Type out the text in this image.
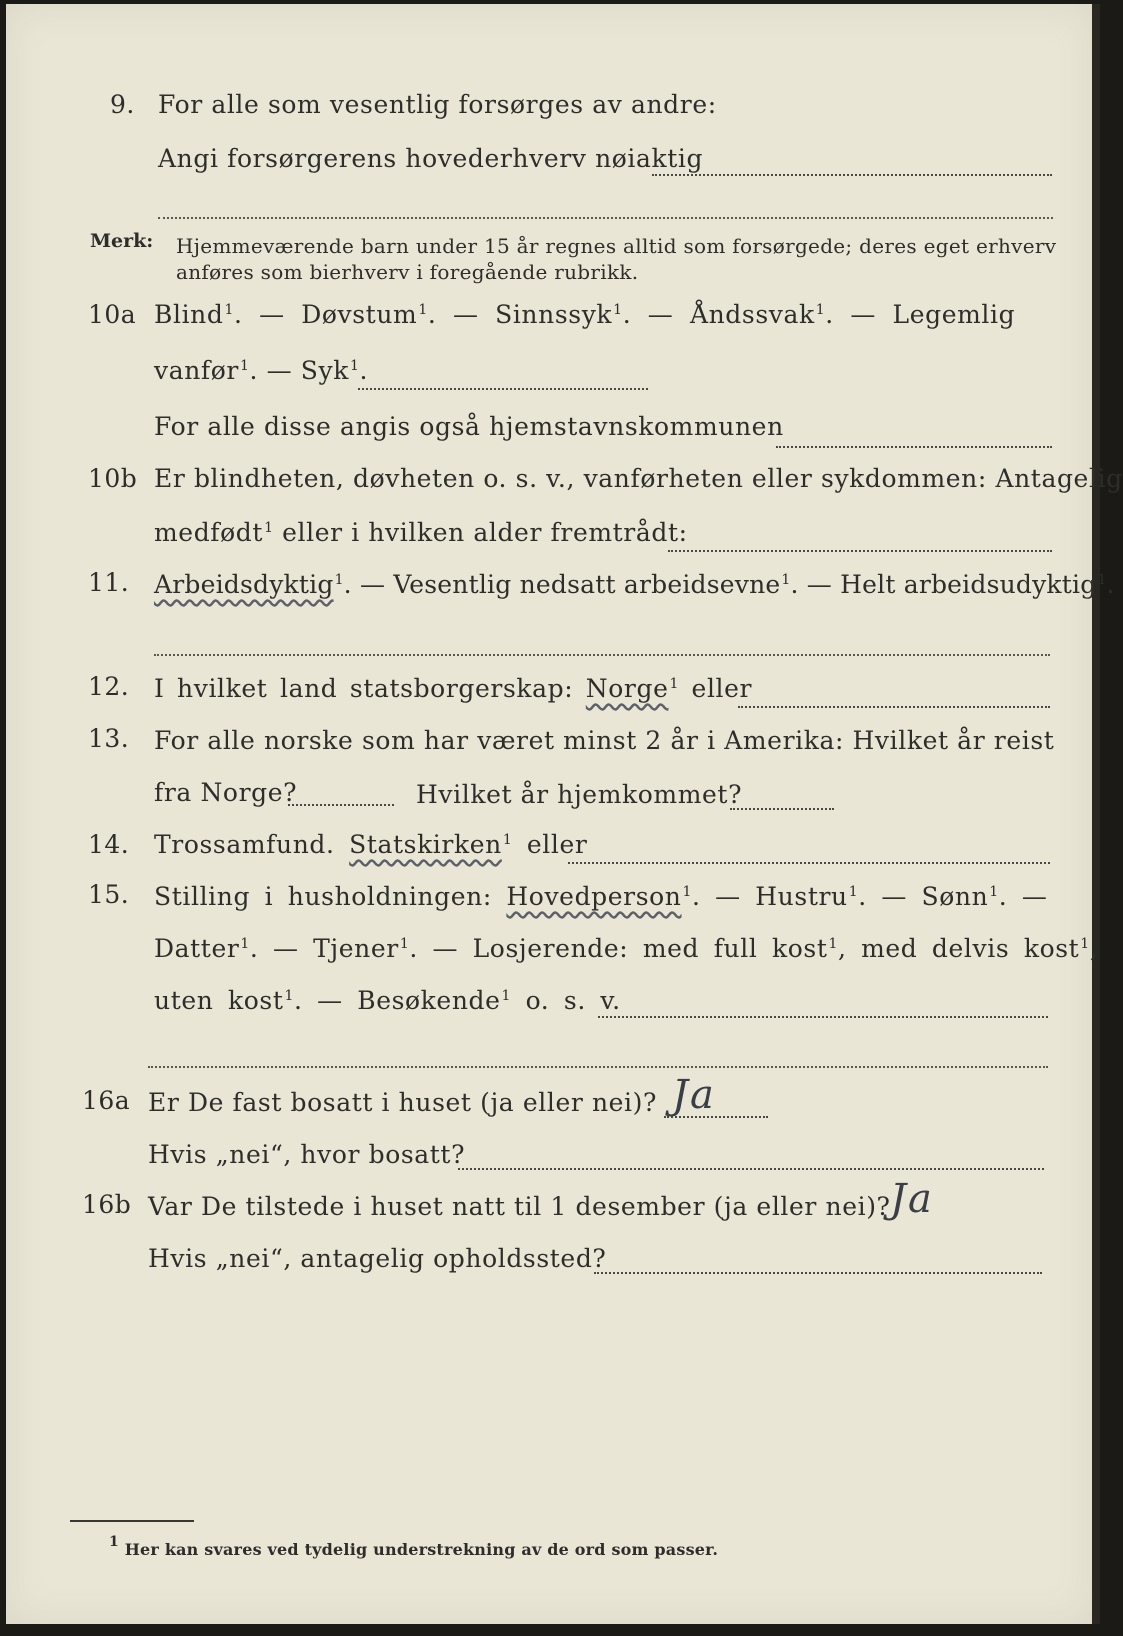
9. For alle som vesentlig forsørges av andre:
Angi forsørgerens hovederhverv nøiaktig
Merk: Hjemmeværende barn under 15 år regnes alltid som forsørgede; deres eget erhverv
anføres som bierhverv i foregående rubrikk.
10a Blind$^1$. — Døvstum$^1$. — Sinnssyk$^1$. — Åndssvak$^1$. — Legemlig
vanfør$^1$. — Syk$^1$.
For alle disse angis også hjemstavnskommunen
10b Er blindheten, døvheten o. s. v., vanførheten eller sykdommen: Antagelig
medfødt$^1$ eller i hvilken alder fremtrådt:
11. Arbeidsdyktig$^1$. — Vesentlig nedsatt arbeidsevne$^1$. — Helt arbeidsudyktig$^1$.
12. I hvilket land statsborgerskap: Norge$^1$ eller
13. For alle norske som har været minst 2 år i Amerika: Hvilket år reist
fra Norge?	Hvilket år hjemkommet?
14. Trossamfund. Statskirken$^1$ eller
15. Stilling i husholdningen: Hovedperson$^1$. — Hustru$^1$. — Sønn$^1$. —
Datter$^1$. — Tjener$^1$. — Losjerende: med full kost$^1$, med delvis kost$^1$,
uten kost$^1$. — Besøkende$^1$ o. s. v.
16a Er De fast bosatt i huset (ja eller nei)? Ja
Hvis „nei“, hvor bosatt?
16b Var De tilstede i huset natt til 1 desember (ja eller nei)? Ja
Hvis „nei“, antagelig opholdssted?
1 Her kan svares ved tydelig understrekning av de ord som passer.
